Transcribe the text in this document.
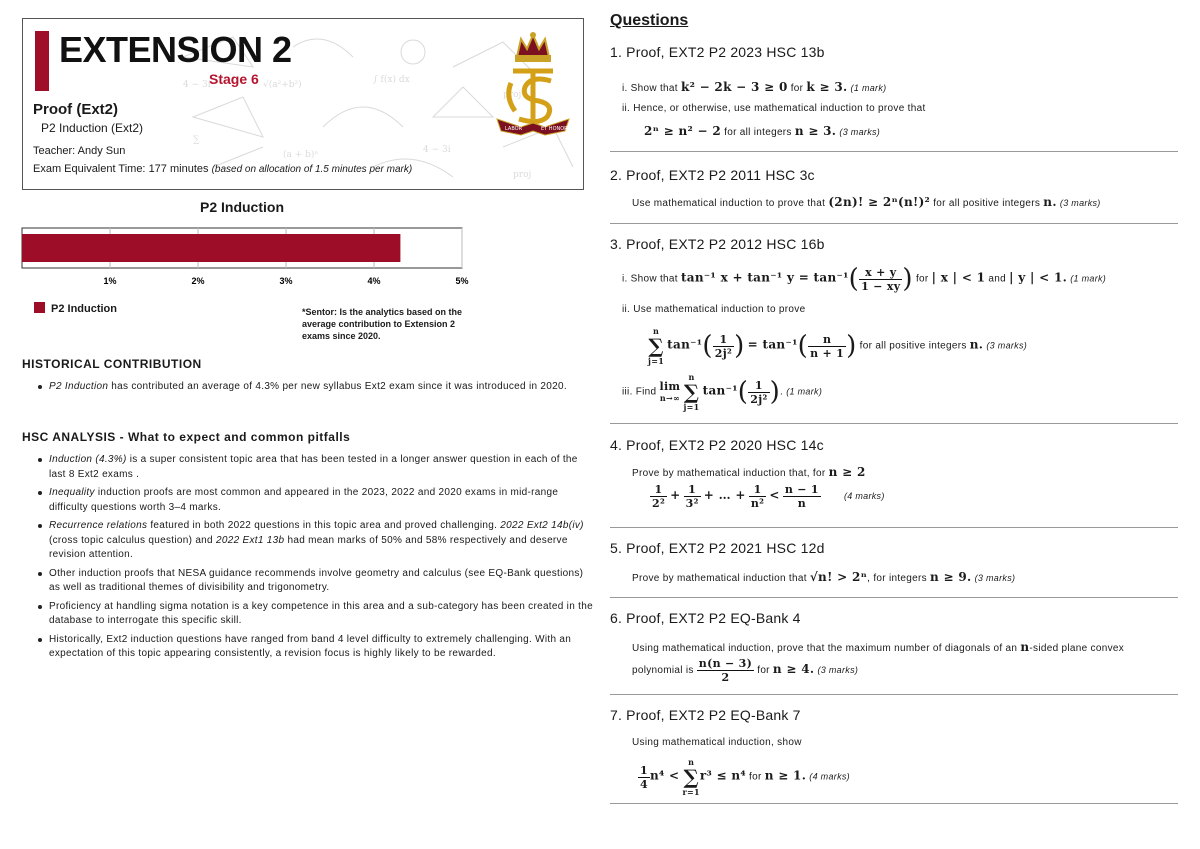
√(a²+b²)	∫ f(x) dx
proj
4 − 3i
(a + b)ⁿ	4 − 3i
proj
∑
EXTENSION 2
Stage 6
Proof (Ext2)
P2 Induction (Ext2)
Teacher: Andy Sun
Exam Equivalent Time: 177 minutes (based on allocation of 1.5 minutes per mark)
LABOR	ET HONOR
P2 Induction
1%	2%	3%	4%	5%
P2 Induction	*Sentor: Is the analytics based on the average contribution to Extension 2 exams since 2020.
HISTORICAL CONTRIBUTION
P2 Induction has contributed an average of 4.3% per new syllabus Ext2 exam since it was introduced in 2020.
HSC ANALYSIS - What to expect and common pitfalls
Induction (4.3%) is a super consistent topic area that has been tested in a longer answer question in each of the last 8 Ext2 exams .
Inequality induction proofs are most common and appeared in the 2023, 2022 and 2020 exams in mid-range difficulty questions worth 3–4 marks.
Recurrence relations featured in both 2022 questions in this topic area and proved challenging. 2022 Ext2 14b(iv) (cross topic calculus question) and 2022 Ext1 13b had mean marks of 50% and 58% respectively and deserve revision attention.
Other induction proofs that NESA guidance recommends involve geometry and calculus (see EQ-Bank questions) as well as traditional themes of divisibility and trigonometry.
Proficiency at handling sigma notation is a key competence in this area and a sub-category has been created in the database to interrogate this specific skill.
Historically, Ext2 induction questions have ranged from band 4 level difficulty to extremely challenging. With an expectation of this topic appearing consistently, a revision focus is highly likely to be rewarded.
Questions

1. Proof, EXT2 P2 2023 HSC 13b

i. Show that k² − 2k − 3 ≥ 0 for k ≥ 3. (1 mark)
ii. Hence, or otherwise, use mathematical induction to prove that
2ⁿ ≥ n² − 2 for all integers n ≥ 3. (3 marks)

2. Proof, EXT2 P2 2011 HSC 3c

Use mathematical induction to prove that (2n)! ≥ 2ⁿ(n!)² for all positive integers n. (3 marks)

3. Proof, EXT2 P2 2012 HSC 16b

i. Show that tan⁻¹ x + tan⁻¹ $y = \tan^{-1}( \frac{x + y}{1 - xy}$ ) for | x | < 1 and | y | < 1. (1 mark)
ii. Use mathematical induction to prove
n
∑
j=1
$\tan^{-1}( \frac{1}{\text{2j²}}$ ) = $\tan^{-1}( \frac{n}{n + 1}$ ) for all positive integers n. (3 marks)
iii. Find lim
n→∞

n
∑
j=1
$\tan^{-1}( \frac{1}{\text{2j²}}$ ). (1 mark)

4. Proof, EXT2 P2 2020 HSC 14c

Prove by mathematical induction that, for n ≥ 2
$\frac{1}{\text{2²}} + \frac{1}{\text{3²}}$ + … + $\frac{1}{\text{n²}} < \frac{n - 1}{n}$	(4 marks)

5. Proof, EXT2 P2 2021 HSC 12d

Prove by mathematical induction that √n! > 2ⁿ, for integers n ≥ 9. (3 marks)

6. Proof, EXT2 P2 EQ-Bank 4

Using mathematical induction, prove that the maximum number of diagonals of an n-sided plane convex
polynomial is $\frac{n(n - 3)}{2}$ for n ≥ 4. (3 marks)

7. Proof, EXT2 P2 EQ-Bank 7

Using mathematical induction, show
$\frac{1}{4} n^4$ <
n
∑
r=1
r³ ≤ n⁴ for n ≥ 1. (4 marks)
